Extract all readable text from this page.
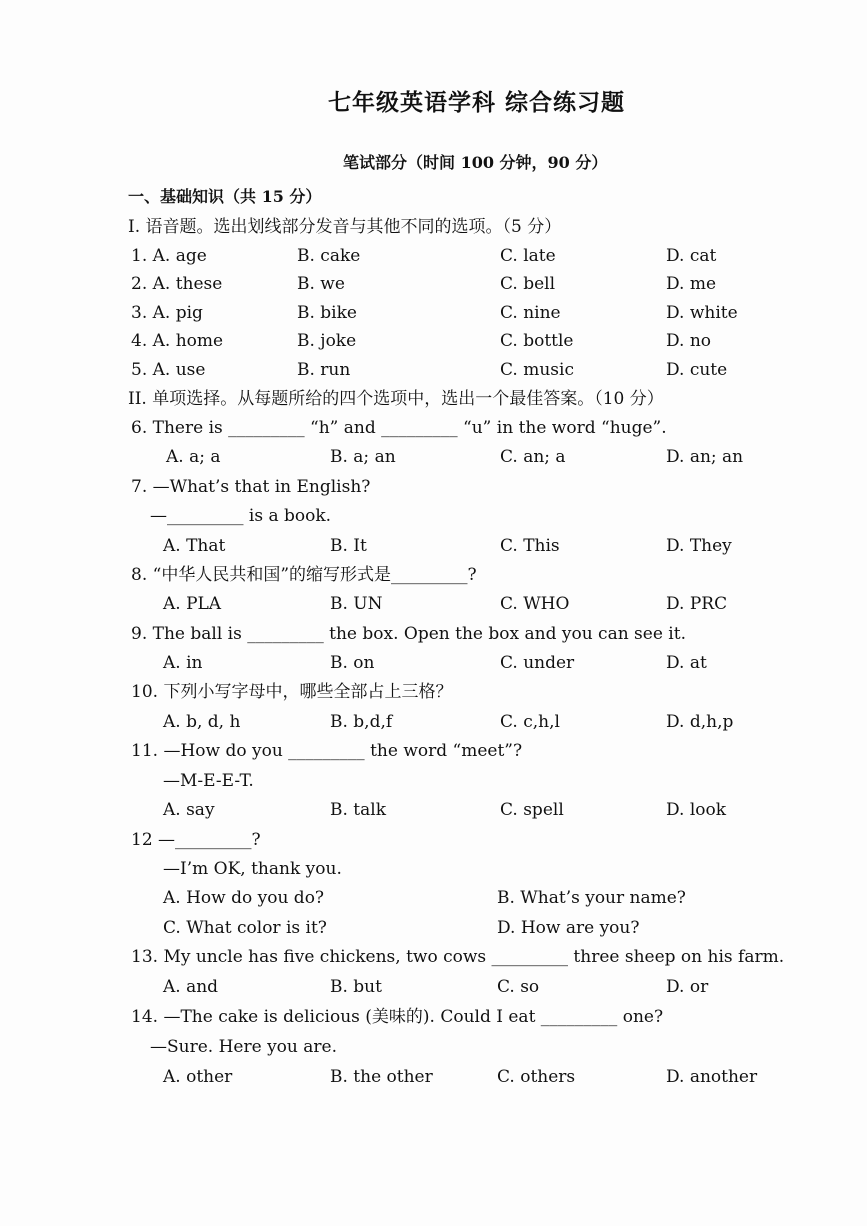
七年级英语学科 综合练习题
笔试部分（时间 100 分钟，90 分）
一、基础知识（共 15 分）
I. 语音题。选出划线部分发音与其他不同的选项。（5 分）
1. A. age	B. cake	C. late	D. cat
2. A. these	B. we	C. bell	D. me
3. A. pig	B. bike	C. nine	D. white
4. A. home	B. joke	C. bottle	D. no
5. A. use	B. run	C. music	D. cute
II. 单项选择。从每题所给的四个选项中，选出一个最佳答案。（10 分）
6. There is _________ “h” and _________ “u” in the word “huge”.
A. a; a	B. a; an	C. an; a	D. an; an
7. —What’s that in English?
—_________ is a book.
A. That	B. It	C. This	D. They
8. “中华人民共和国”的缩写形式是_________?
A. PLA	B. UN	C. WHO	D. PRC
9. The ball is _________ the box. Open the box and you can see it.
A. in	B. on	C. under	D. at
10. 下列小写字母中，哪些全部占上三格？
A. b, d, h	B. b,d,f	C. c,h,l	D. d,h,p
11. —How do you _________ the word “meet”?
—M-E-E-T.
A. say	B. talk	C. spell	D. look
12 —_________?
—I’m OK, thank you.
A. How do you do?	B. What’s your name?
C. What color is it?	D. How are you?
13. My uncle has five chickens, two cows _________ three sheep on his farm.
A. and	B. but	C. so	D. or
14. —The cake is delicious (美味的). Could I eat _________ one?
—Sure. Here you are.
A. other	B. the other	C. others	D. another
